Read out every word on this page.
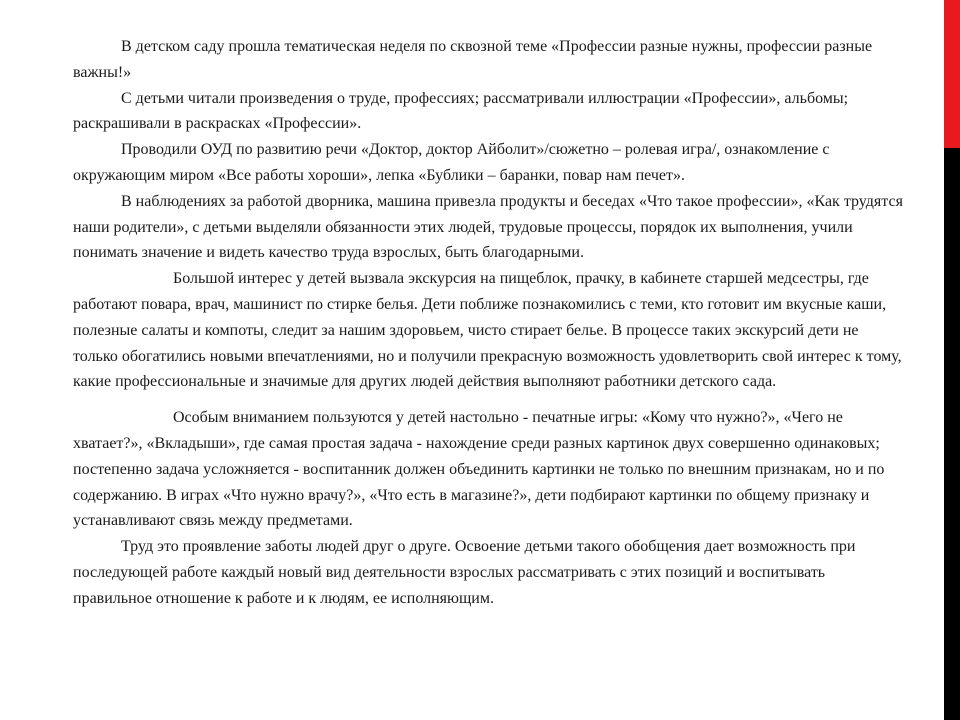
В детском саду прошла тематическая неделя по сквозной теме «Профессии разные нужны, профессии разные важны!»

С детьми читали произведения о труде, профессиях; рассматривали иллюстрации «Профессии», альбомы; раскрашивали в раскрасках «Профессии».

Проводили ОУД по развитию речи «Доктор, доктор Айболит»/сюжетно – ролевая игра/, ознакомление с окружающим миром «Все работы хороши», лепка «Бублики – баранки, повар нам печет».

В наблюдениях за работой дворника, машина привезла продукты и беседах «Что такое профессии», «Как трудятся наши родители», с детьми выделяли обязанности этих людей, трудовые процессы, порядок их выполнения, учили понимать значение и видеть качество труда взрослых, быть благодарными.

Большой интерес у детей вызвала экскурсия на пищеблок, прачку, в кабинете старшей медсестры, где работают повара, врач, машинист по стирке белья. Дети поближе познакомились с теми, кто готовит им вкусные каши, полезные салаты и компоты, следит за нашим здоровьем, чисто стирает белье. В процессе таких экскурсий дети не только обогатились новыми впечатлениями, но и получили прекрасную возможность удовлетворить свой интерес к тому, какие профессиональные и значимые для других людей действия выполняют работники детского сада.

Особым вниманием пользуются у детей настольно - печатные игры: «Кому что нужно?», «Чего не хватает?», «Вкладыши», где самая простая задача - нахождение среди разных картинок двух совершенно одинаковых; постепенно задача усложняется - воспитанник должен объединить картинки не только по внешним признакам, но и по содержанию. В играх «Что нужно врачу?», «Что есть в магазине?», дети подбирают картинки по общему признаку и устанавливают связь между предметами.

Труд это проявление заботы людей друг о друге. Освоение детьми такого обобщения дает возможность при последующей работе каждый новый вид деятельности взрослых рассматривать с этих позиций и воспитывать правильное отношение к работе и к людям, ее исполняющим.
